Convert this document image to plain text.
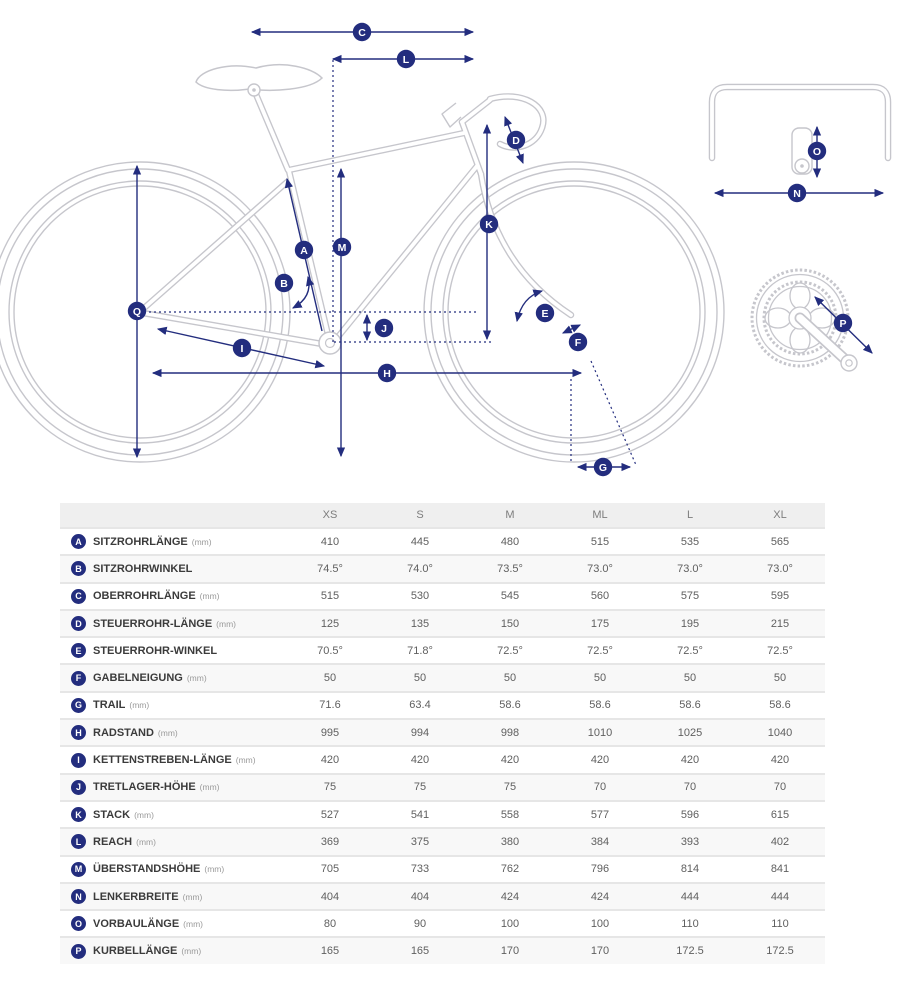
A
B
C
D
E
F
G
H
I
J
K
L
M
N
O
P
Q
XS	S	M	ML	L	XL
A	SITZROHRLÄNGE (mm)	410	445	480	515	535	565
B	SITZROHRWINKEL	74.5°	74.0°	73.5°	73.0°	73.0°	73.0°
C	OBERROHRLÄNGE (mm)	515	530	545	560	575	595
D	STEUERROHR-LÄNGE (mm)	125	135	150	175	195	215
E	STEUERROHR-WINKEL	70.5°	71.8°	72.5°	72.5°	72.5°	72.5°
F	GABELNEIGUNG (mm)	50	50	50	50	50	50
G	TRAIL (mm)	71.6	63.4	58.6	58.6	58.6	58.6
H	RADSTAND (mm)	995	994	998	1010	1025	1040
I	KETTENSTREBEN-LÄNGE (mm)	420	420	420	420	420	420
J	TRETLAGER-HÖHE (mm)	75	75	75	70	70	70
K	STACK (mm)	527	541	558	577	596	615
L	REACH (mm)	369	375	380	384	393	402
M ÜBERSTANDSHÖHE (mm)	705	733	762	796	814	841
N	LENKERBREITE (mm)	404	404	424	424	444	444
O	VORBAULÄNGE (mm)	80	90	100	100	110	110
P	KURBELLÄNGE (mm)	165	165	170	170	172.5	172.5
